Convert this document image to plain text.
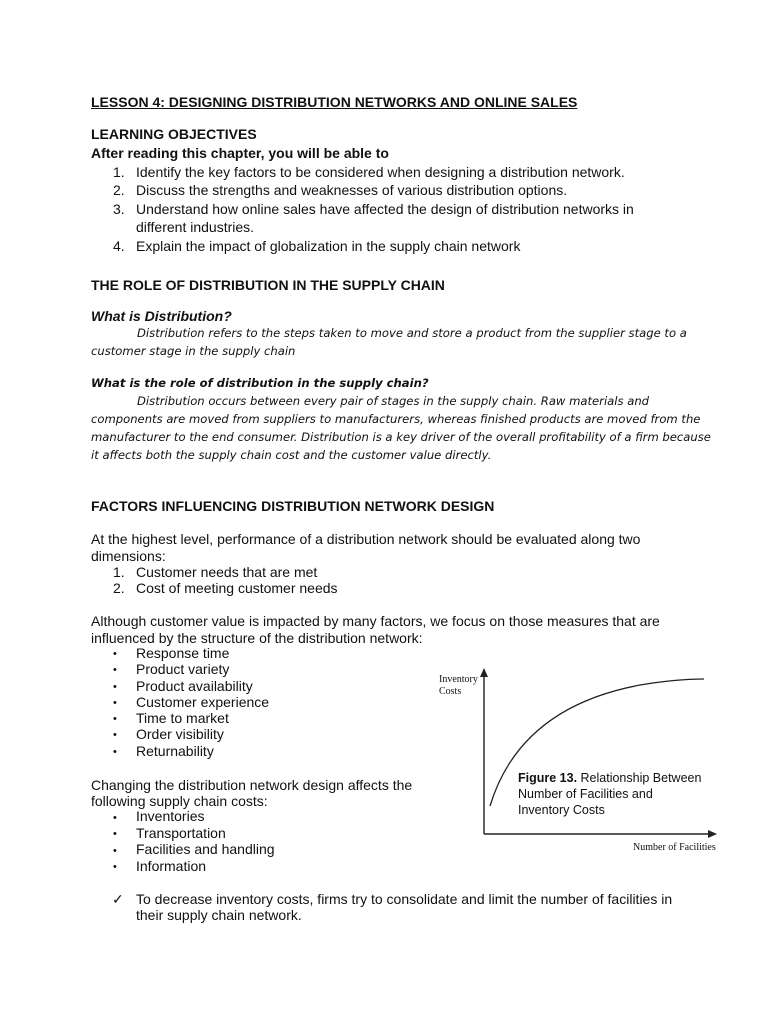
LESSON 4: DESIGNING DISTRIBUTION NETWORKS AND ONLINE SALES
LEARNING OBJECTIVES
After reading this chapter, you will be able to
1. Identify the key factors to be considered when designing a distribution network.
2. Discuss the strengths and weaknesses of various distribution options.
3. Understand how online sales have affected the design of distribution networks in
different industries.
4. Explain the impact of globalization in the supply chain network
THE ROLE OF DISTRIBUTION IN THE SUPPLY CHAIN
What is Distribution?
Distribution refers to the steps taken to move and store a product from the supplier stage to a
customer stage in the supply chain
What is the role of distribution in the supply chain?
Distribution occurs between every pair of stages in the supply chain. Raw materials and
components are moved from suppliers to manufacturers, whereas finished products are moved from the
manufacturer to the end consumer. Distribution is a key driver of the overall profitability of a firm because
it affects both the supply chain cost and the customer value directly.
FACTORS INFLUENCING DISTRIBUTION NETWORK DESIGN
At the highest level, performance of a distribution network should be evaluated along two
dimensions:
1. Customer needs that are met
2. Cost of meeting customer needs
Although customer value is impacted by many factors, we focus on those measures that are
influenced by the structure of the distribution network:
• Response time
• Product variety
• Product availability
• Customer experience
• Time to market
• Order visibility
• Returnability
Changing the distribution network design affects the
following supply chain costs:
• Inventories
• Transportation
• Facilities and handling
• Information
✓ To decrease inventory costs, firms try to consolidate and limit the number of facilities in
their supply chain network.
Inventory
Costs
Number of Facilities
Figure 13. Relationship Between
Number of Facilities and
Inventory Costs
